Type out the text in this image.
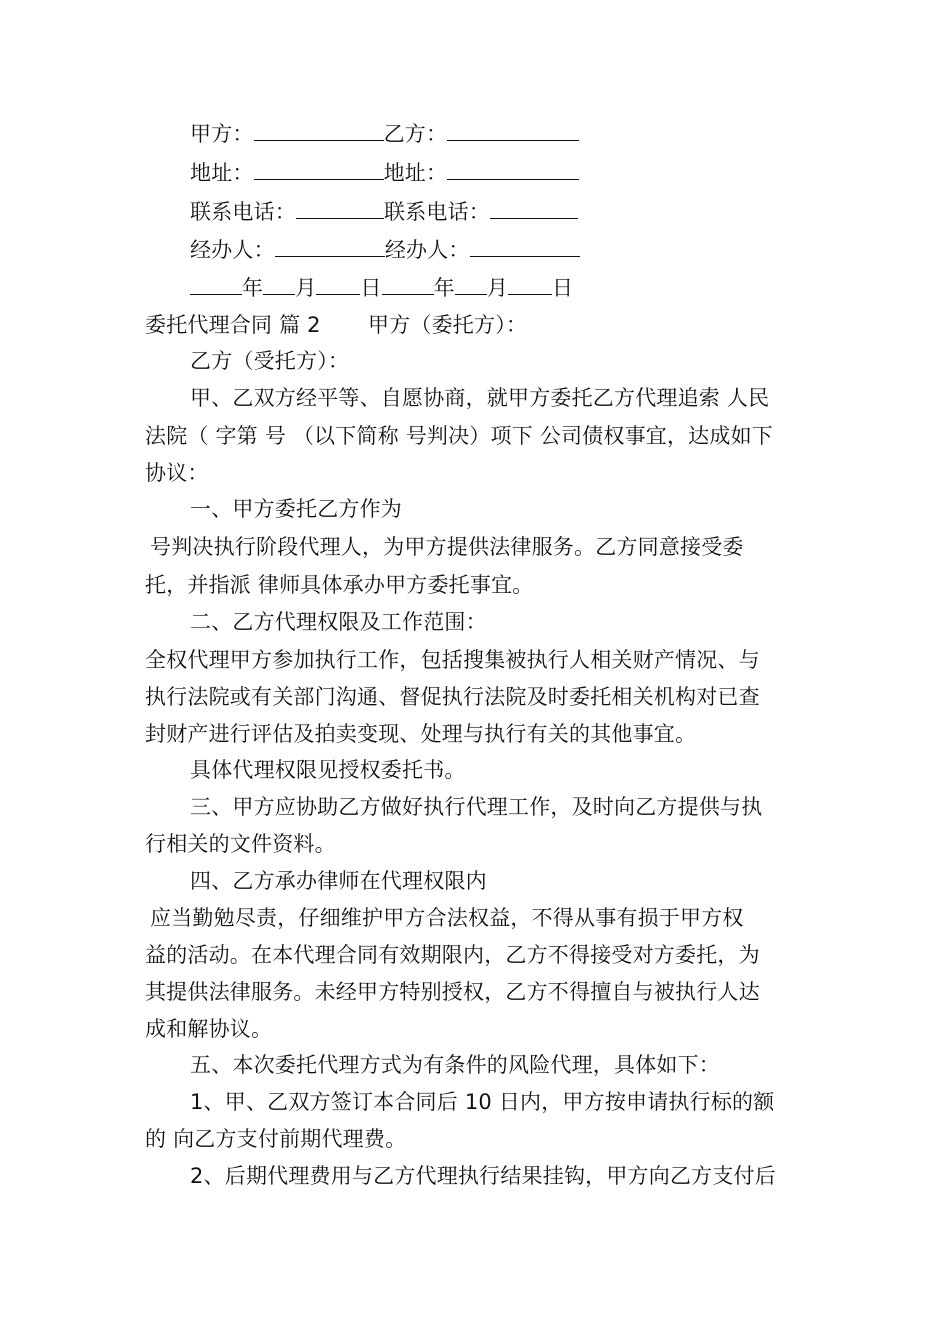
甲方：	乙方：
地址：	地址：
联系电话：	联系电话：
经办人：	经办人：
年 月 日 年 月 日
委托代理合同 篇 2 甲方（委托方）：
乙方（受托方）：
甲、乙双方经平等、自愿协商，就甲方委托乙方代理追索 人民
法院（ 字第 号 （以下简称 号判决）项下 公司债权事宜，达成如下
协议：
一、甲方委托乙方作为
号判决执行阶段代理人，为甲方提供法律服务。乙方同意接受委
托，并指派 律师具体承办甲方委托事宜。
二、乙方代理权限及工作范围：
全权代理甲方参加执行工作，包括搜集被执行人相关财产情况、与
执行法院或有关部门沟通、督促执行法院及时委托相关机构对已查
封财产进行评估及拍卖变现、处理与执行有关的其他事宜。
具体代理权限见授权委托书。
三、甲方应协助乙方做好执行代理工作，及时向乙方提供与执
行相关的文件资料。
四、乙方承办律师在代理权限内
应当勤勉尽责，仔细维护甲方合法权益，不得从事有损于甲方权
益的活动。在本代理合同有效期限内，乙方不得接受对方委托，为
其提供法律服务。未经甲方特别授权，乙方不得擅自与被执行人达
成和解协议。
五、本次委托代理方式为有条件的风险代理，具体如下：
1、甲、乙双方签订本合同后 10 日内，甲方按申请执行标的额
的 向乙方支付前期代理费。
2、后期代理费用与乙方代理执行结果挂钩，甲方向乙方支付后
